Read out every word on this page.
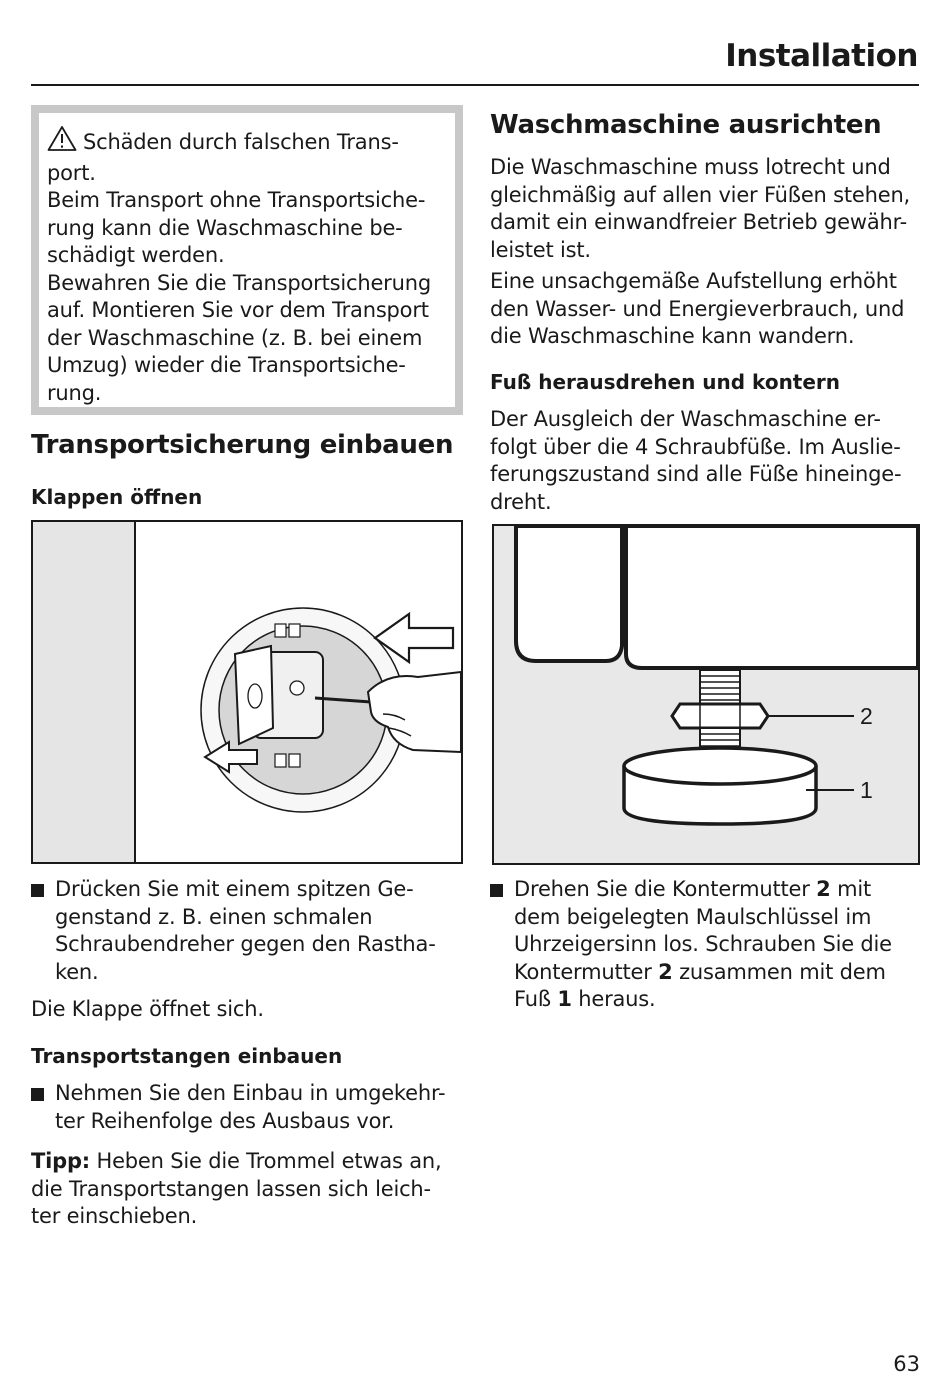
Installation
Schäden durch falschen Trans-
port.
Beim Transport ohne Transportsiche-
rung kann die Waschmaschine be-
schädigt werden.
Bewahren Sie die Transportsicherung
auf. Montieren Sie vor dem Transport
der Waschmaschine (z. B. bei einem
Umzug) wieder die Transportsiche-
rung.
Transportsicherung einbauen
Klappen öffnen
Drücken Sie mit einem spitzen Ge-
genstand z. B. einen schmalen
Schraubendreher gegen den Rastha-
ken.
Die Klappe öffnet sich.
Transportstangen einbauen
Nehmen Sie den Einbau in umgekehr-
ter Reihenfolge des Ausbaus vor.
Tipp: Heben Sie die Trommel etwas an,
die Transportstangen lassen sich leich-
ter einschieben.
Waschmaschine ausrichten
Die Waschmaschine muss lotrecht und
gleichmäßig auf allen vier Füßen stehen,
damit ein einwandfreier Betrieb gewähr-
leistet ist.
Eine unsachgemäße Aufstellung erhöht
den Wasser- und Energieverbrauch, und
die Waschmaschine kann wandern.
Fuß herausdrehen und kontern
Der Ausgleich der Waschmaschine er-
folgt über die 4 Schraubfüße. Im Auslie-
ferungszustand sind alle Füße hineinge-
dreht.
2
1
Drehen Sie die Kontermutter 2 mit
dem beigelegten Maulschlüssel im
Uhrzeigersinn los. Schrauben Sie die
Kontermutter 2 zusammen mit dem
Fuß 1 heraus.
63
